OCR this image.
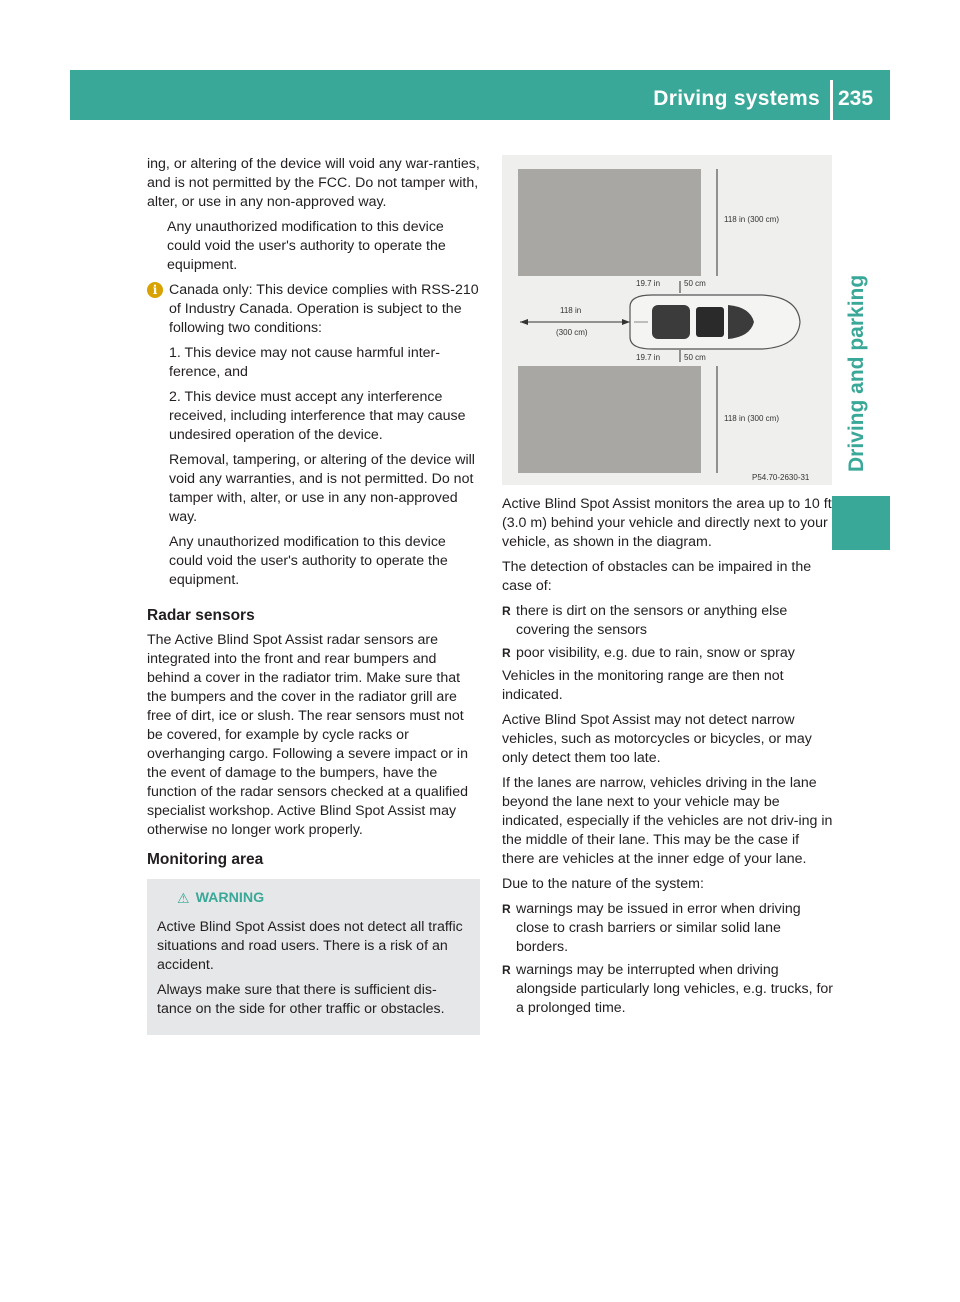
Driving systems 235
Driving and parking

ing, or altering of the device will void any war-ranties, and is not permitted by the FCC. Do not tamper with, alter, or use in any non-approved way.

Any unauthorized modification to this device could void the user's authority to operate the equipment.

i Canada only: This device complies with RSS-210 of Industry Canada. Operation is subject to the following two conditions:

1. This device may not cause harmful inter-ference, and

2. This device must accept any interference received, including interference that may cause undesired operation of the device.

Removal, tampering, or altering of the device will void any warranties, and is not permitted. Do not tamper with, alter, or use in any non-approved way.

Any unauthorized modification to this device could void the user's authority to operate the equipment.

Radar sensors

The Active Blind Spot Assist radar sensors are integrated into the front and rear bumpers and behind a cover in the radiator trim. Make sure that the bumpers and the cover in the radiator grill are free of dirt, ice or slush. The rear sensors must not be covered, for example by cycle racks or overhanging cargo. Following a severe impact or in the event of damage to the bumpers, have the function of the radar sensors checked at a qualified specialist workshop. Active Blind Spot Assist may otherwise no longer work properly.

Monitoring area
⚠ WARNING

Active Blind Spot Assist does not detect all traffic situations and road users. There is a risk of an accident.

Always make sure that there is sufficient dis-tance on the side for other traffic or obstacles.

118 in (300 cm)
19.7 in	50 cm
118 in
(300 cm)
19.7 in	50 cm
118 in (300 cm)
P54.70-2630-31

Active Blind Spot Assist monitors the area up to 10 ft (3.0 m) behind your vehicle and directly next to your vehicle, as shown in the diagram.

The detection of obstacles can be impaired in the case of:

R there is dirt on the sensors or anything else covering the sensors
R poor visibility, e.g. due to rain, snow or spray

Vehicles in the monitoring range are then not indicated.

Active Blind Spot Assist may not detect narrow vehicles, such as motorcycles or bicycles, or may only detect them too late.

If the lanes are narrow, vehicles driving in the lane beyond the lane next to your vehicle may be indicated, especially if the vehicles are not driv-ing in the middle of their lane. This may be the case if there are vehicles at the inner edge of your lane.

Due to the nature of the system:

R warnings may be issued in error when driving close to crash barriers or similar solid lane borders.
R warnings may be interrupted when driving alongside particularly long vehicles, e.g. trucks, for a prolonged time.
